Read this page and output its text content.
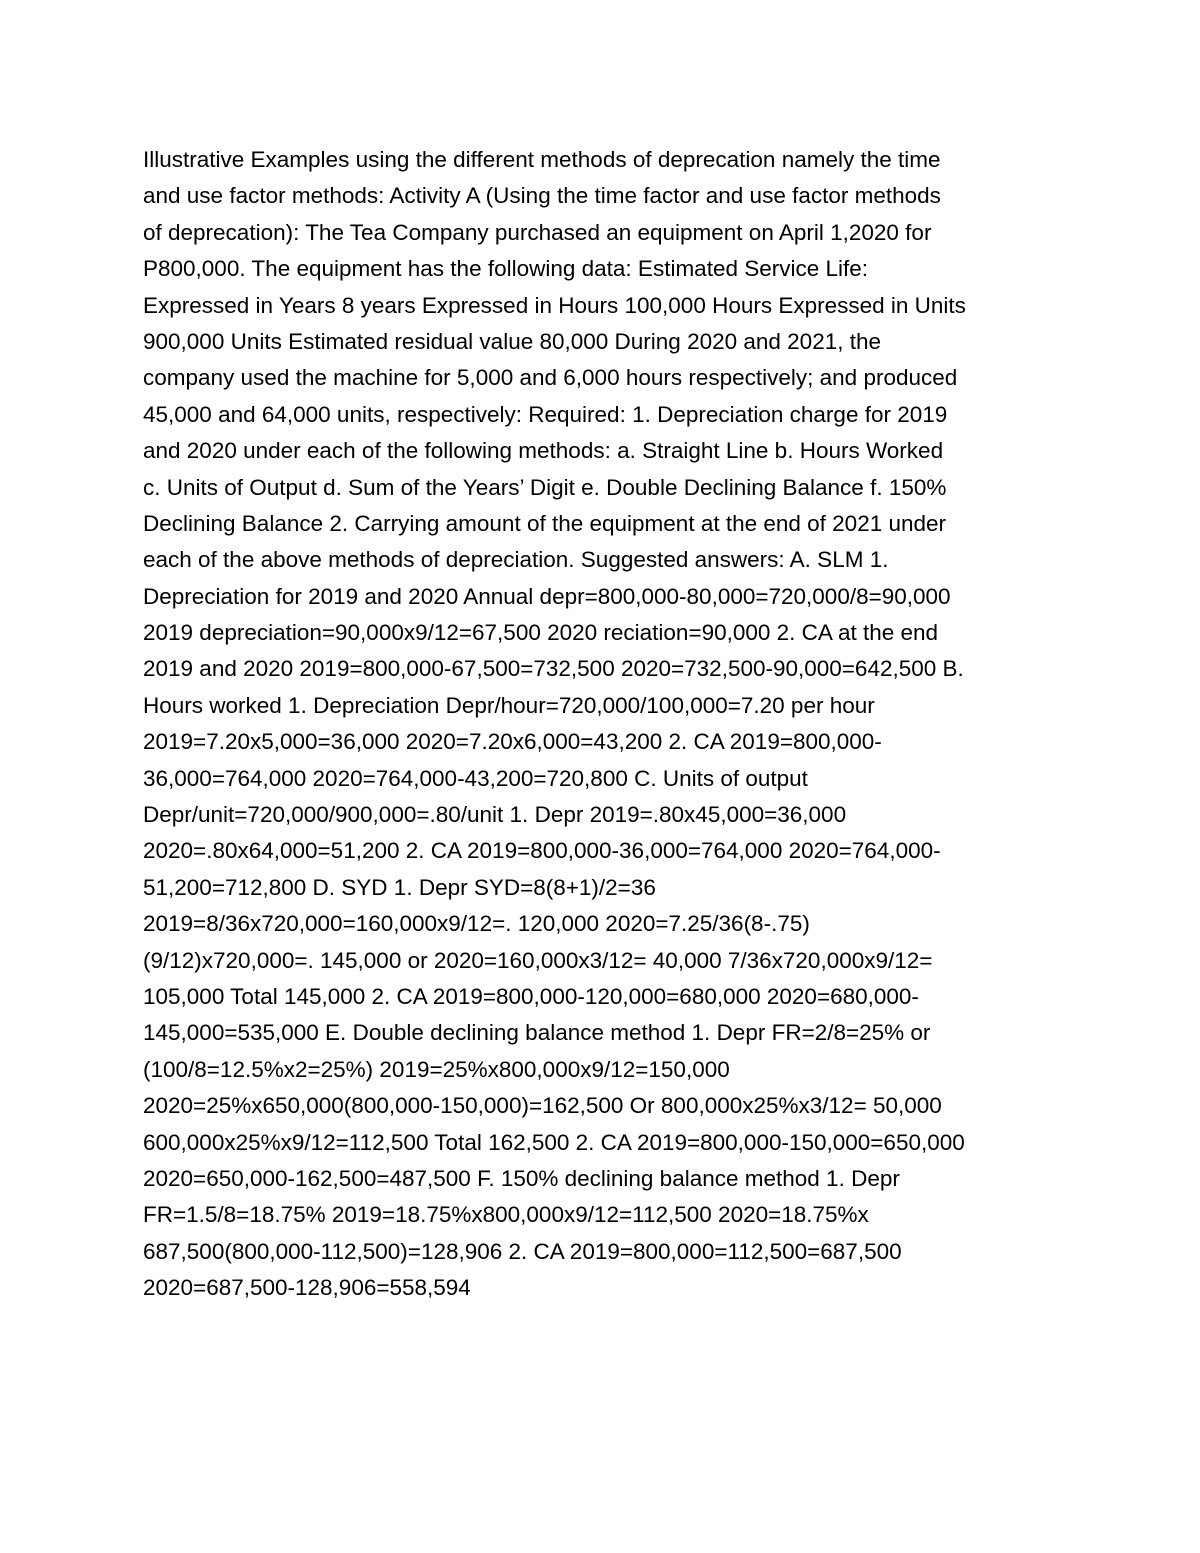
Illustrative Examples using the different methods of deprecation namely the time
and use factor methods: Activity A (Using the time factor and use factor methods
of deprecation): The Tea Company purchased an equipment on April 1,2020 for
P800,000. The equipment has the following data: Estimated Service Life:
Expressed in Years 8 years Expressed in Hours 100,000 Hours Expressed in Units
900,000 Units Estimated residual value 80,000 During 2020 and 2021, the
company used the machine for 5,000 and 6,000 hours respectively; and produced
45,000 and 64,000 units, respectively: Required: 1. Depreciation charge for 2019
and 2020 under each of the following methods: a. Straight Line b. Hours Worked
c. Units of Output d. Sum of the Years’ Digit e. Double Declining Balance f. 150%
Declining Balance 2. Carrying amount of the equipment at the end of 2021 under
each of the above methods of depreciation. Suggested answers: A. SLM 1.
Depreciation for 2019 and 2020 Annual depr=800,000-80,000=720,000/8=90,000
2019 depreciation=90,000x9/12=67,500 2020 reciation=90,000 2. CA at the end
2019 and 2020 2019=800,000-67,500=732,500 2020=732,500-90,000=642,500 B.
Hours worked 1. Depreciation Depr/hour=720,000/100,000=7.20 per hour
2019=7.20x5,000=36,000 2020=7.20x6,000=43,200 2. CA 2019=800,000-
36,000=764,000 2020=764,000-43,200=720,800 C. Units of output
Depr/unit=720,000/900,000=.80/unit 1. Depr 2019=.80x45,000=36,000
2020=.80x64,000=51,200 2. CA 2019=800,000-36,000=764,000 2020=764,000-
51,200=712,800 D. SYD 1. Depr SYD=8(8+1)/2=36
2019=8/36x720,000=160,000x9/12=. 120,000 2020=7.25/36(8-.75)
(9/12)x720,000=. 145,000 or 2020=160,000x3/12= 40,000 7/36x720,000x9/12=
105,000 Total 145,000 2. CA 2019=800,000-120,000=680,000 2020=680,000-
145,000=535,000 E. Double declining balance method 1. Depr FR=2/8=25% or
(100/8=12.5%x2=25%) 2019=25%x800,000x9/12=150,000
2020=25%x650,000(800,000-150,000)=162,500 Or 800,000x25%x3/12= 50,000
600,000x25%x9/12=112,500 Total 162,500 2. CA 2019=800,000-150,000=650,000
2020=650,000-162,500=487,500 F. 150% declining balance method 1. Depr
FR=1.5/8=18.75% 2019=18.75%x800,000x9/12=112,500 2020=18.75%x
687,500(800,000-112,500)=128,906 2. CA 2019=800,000=112,500=687,500
2020=687,500-128,906=558,594
